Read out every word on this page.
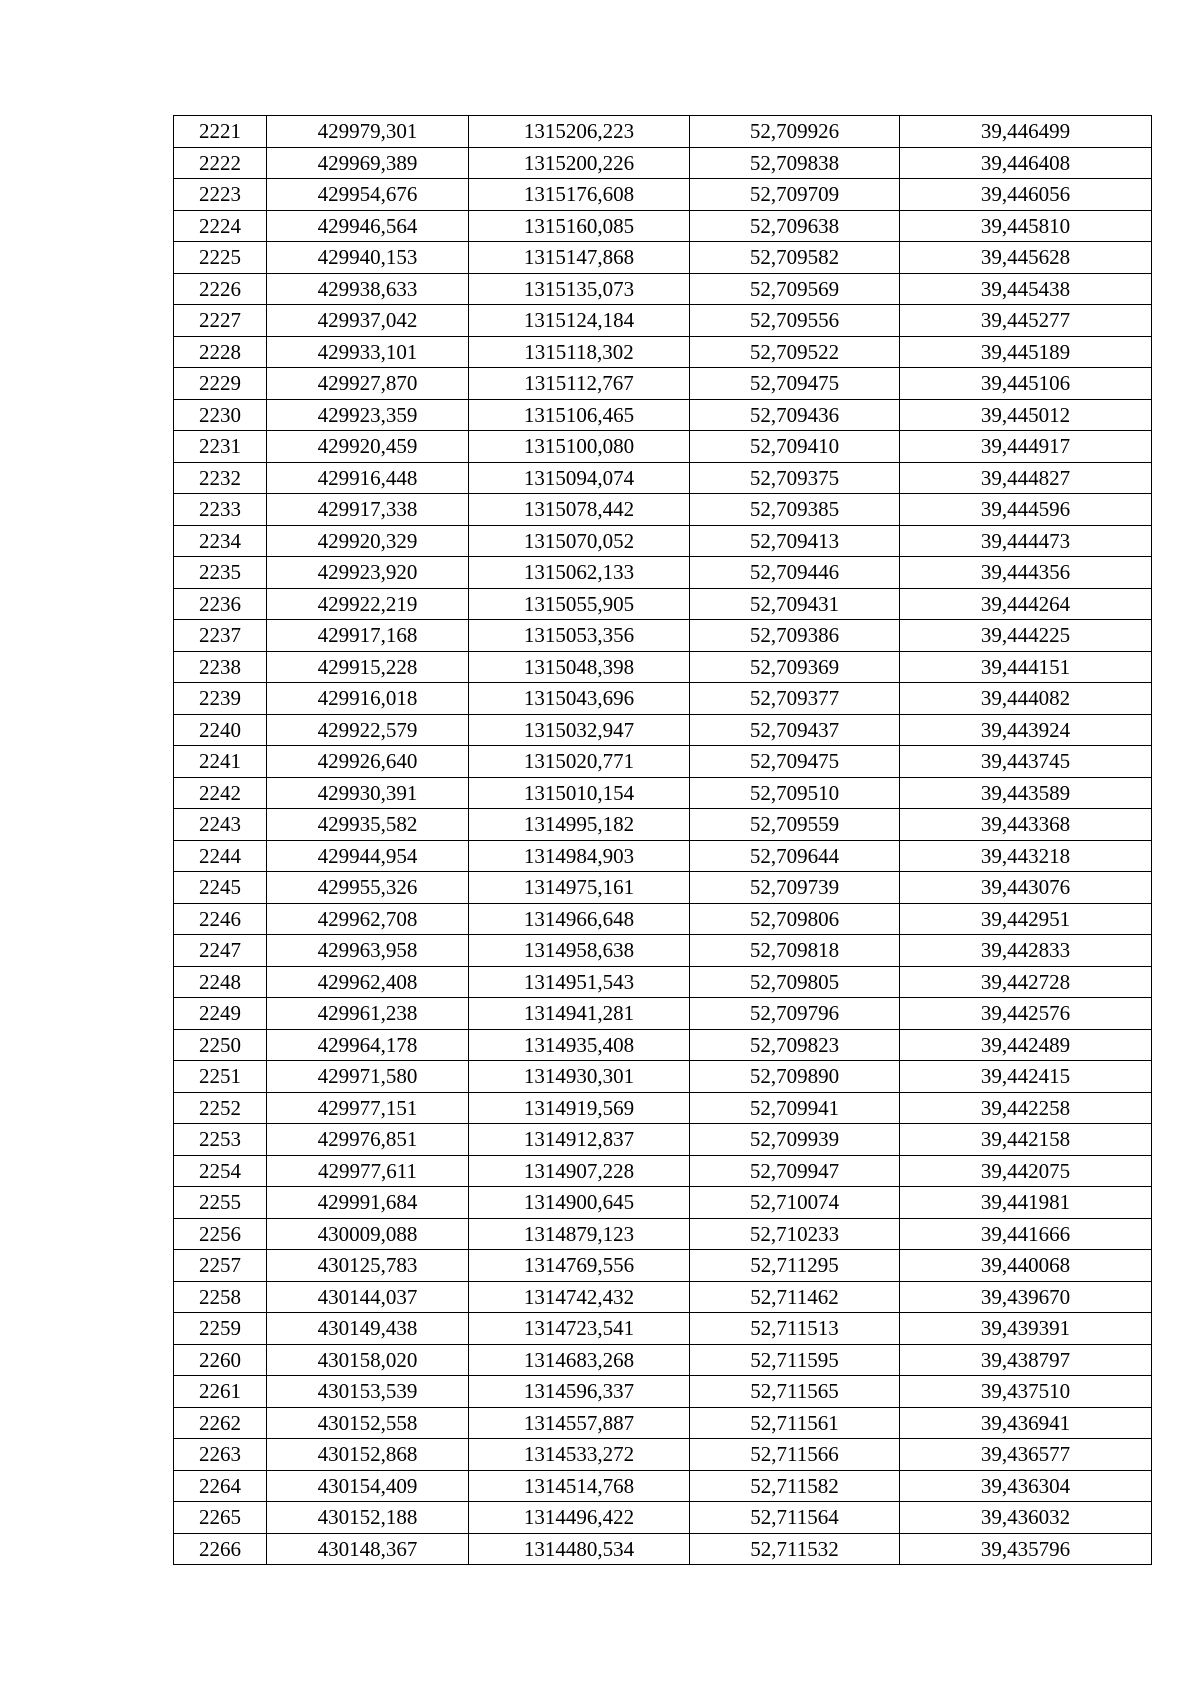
2221	429979,301	1315206,223	52,709926	39,446499
2222	429969,389	1315200,226	52,709838	39,446408
2223	429954,676	1315176,608	52,709709	39,446056
2224	429946,564	1315160,085	52,709638	39,445810
2225	429940,153	1315147,868	52,709582	39,445628
2226	429938,633	1315135,073	52,709569	39,445438
2227	429937,042	1315124,184	52,709556	39,445277
2228	429933,101	1315118,302	52,709522	39,445189
2229	429927,870	1315112,767	52,709475	39,445106
2230	429923,359	1315106,465	52,709436	39,445012
2231	429920,459	1315100,080	52,709410	39,444917
2232	429916,448	1315094,074	52,709375	39,444827
2233	429917,338	1315078,442	52,709385	39,444596
2234	429920,329	1315070,052	52,709413	39,444473
2235	429923,920	1315062,133	52,709446	39,444356
2236	429922,219	1315055,905	52,709431	39,444264
2237	429917,168	1315053,356	52,709386	39,444225
2238	429915,228	1315048,398	52,709369	39,444151
2239	429916,018	1315043,696	52,709377	39,444082
2240	429922,579	1315032,947	52,709437	39,443924
2241	429926,640	1315020,771	52,709475	39,443745
2242	429930,391	1315010,154	52,709510	39,443589
2243	429935,582	1314995,182	52,709559	39,443368
2244	429944,954	1314984,903	52,709644	39,443218
2245	429955,326	1314975,161	52,709739	39,443076
2246	429962,708	1314966,648	52,709806	39,442951
2247	429963,958	1314958,638	52,709818	39,442833
2248	429962,408	1314951,543	52,709805	39,442728
2249	429961,238	1314941,281	52,709796	39,442576
2250	429964,178	1314935,408	52,709823	39,442489
2251	429971,580	1314930,301	52,709890	39,442415
2252	429977,151	1314919,569	52,709941	39,442258
2253	429976,851	1314912,837	52,709939	39,442158
2254	429977,611	1314907,228	52,709947	39,442075
2255	429991,684	1314900,645	52,710074	39,441981
2256	430009,088	1314879,123	52,710233	39,441666
2257	430125,783	1314769,556	52,711295	39,440068
2258	430144,037	1314742,432	52,711462	39,439670
2259	430149,438	1314723,541	52,711513	39,439391
2260	430158,020	1314683,268	52,711595	39,438797
2261	430153,539	1314596,337	52,711565	39,437510
2262	430152,558	1314557,887	52,711561	39,436941
2263	430152,868	1314533,272	52,711566	39,436577
2264	430154,409	1314514,768	52,711582	39,436304
2265	430152,188	1314496,422	52,711564	39,436032
2266	430148,367	1314480,534	52,711532	39,435796
